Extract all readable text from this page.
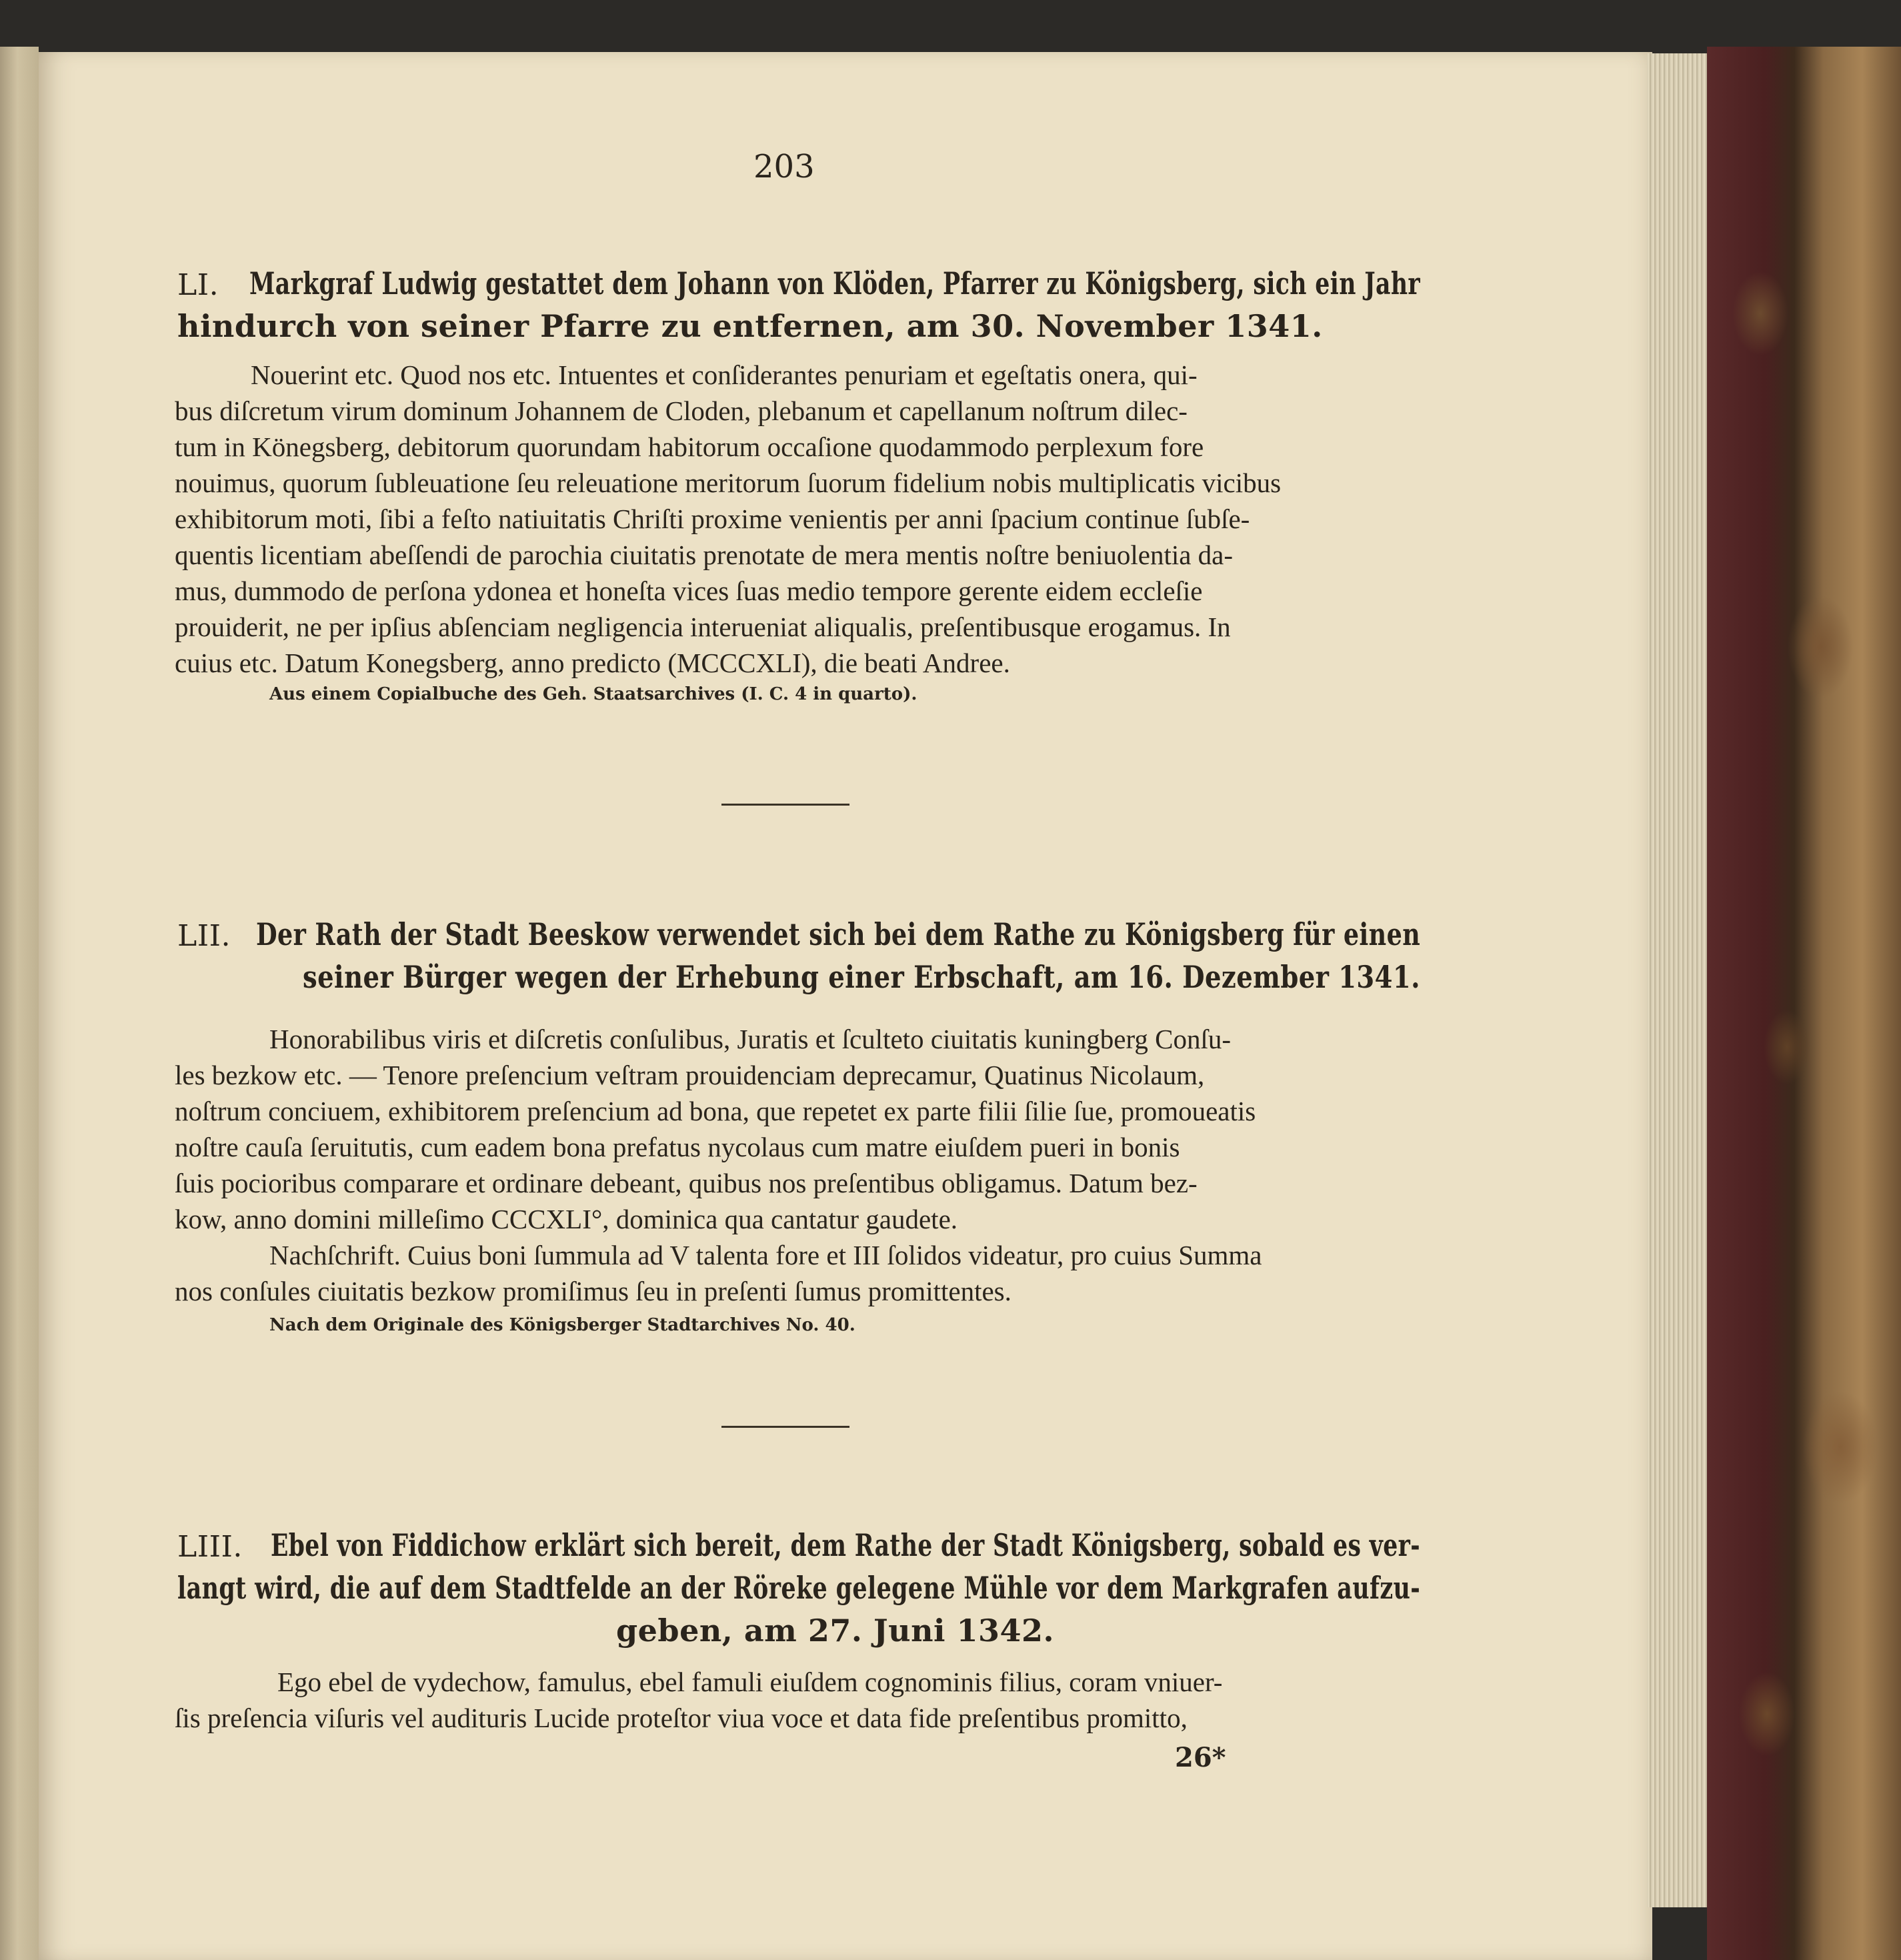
203
LI. Markgraf Ludwig gestattet dem Johann von Klöden, Pfarrer zu Königsberg, sich ein Jahr
hindurch von seiner Pfarre zu entfernen, am 30. November 1341.
Nouerint etc. Quod nos etc. Intuentes et conſiderantes penuriam et egeſtatis onera, qui-
bus diſcretum virum dominum Johannem de Cloden, plebanum et capellanum noſtrum dilec-
tum in Könegsberg, debitorum quorundam habitorum occaſione quodammodo perplexum fore
nouimus, quorum ſubleuatione ſeu releuatione meritorum ſuorum fidelium nobis multiplicatis vicibus
exhibitorum moti, ſibi a feſto natiuitatis Chriſti proxime venientis per anni ſpacium continue ſubſe-
quentis licentiam abeſſendi de parochia ciuitatis prenotate de mera mentis noſtre beniuolentia da-
mus, dummodo de perſona ydonea et honeſta vices ſuas medio tempore gerente eidem eccleſie
prouiderit, ne per ipſius abſenciam negligencia interueniat aliqualis, preſentibusque erogamus. In
cuius etc. Datum Konegsberg, anno predicto (MCCCXLI), die beati Andree.
Aus einem Copialbuche des Geh. Staatsarchives (I. C. 4 in quarto).
LII. Der Rath der Stadt Beeskow verwendet sich bei dem Rathe zu Königsberg für einen
seiner Bürger wegen der Erhebung einer Erbschaft, am 16. Dezember 1341.
Honorabilibus viris et diſcretis conſulibus, Juratis et ſculteto ciuitatis kuningberg Conſu-
les bezkow etc. — Tenore preſencium veſtram prouidenciam deprecamur, Quatinus Nicolaum,
noſtrum conciuem, exhibitorem preſencium ad bona, que repetet ex parte filii ſilie ſue, promoueatis
noſtre cauſa ſeruitutis, cum eadem bona prefatus nycolaus cum matre eiuſdem pueri in bonis
ſuis pocioribus comparare et ordinare debeant, quibus nos preſentibus obligamus. Datum bez-
kow, anno domini milleſimo CCCXLI°, dominica qua cantatur gaudete.
Nachſchrift. Cuius boni ſummula ad V talenta fore et III ſolidos videatur, pro cuius Summa
nos conſules ciuitatis bezkow promiſimus ſeu in preſenti ſumus promittentes.
Nach dem Originale des Königsberger Stadtarchives No. 40.
LIII. Ebel von Fiddichow erklärt sich bereit, dem Rathe der Stadt Königsberg, sobald es ver-
langt wird, die auf dem Stadtfelde an der Röreke gelegene Mühle vor dem Markgrafen aufzu-
geben, am 27. Juni 1342.
Ego ebel de vydechow, famulus, ebel famuli eiuſdem cognominis filius, coram vniuer-
ſis preſencia viſuris vel audituris Lucide proteſtor viua voce et data fide preſentibus promitto,
26*
